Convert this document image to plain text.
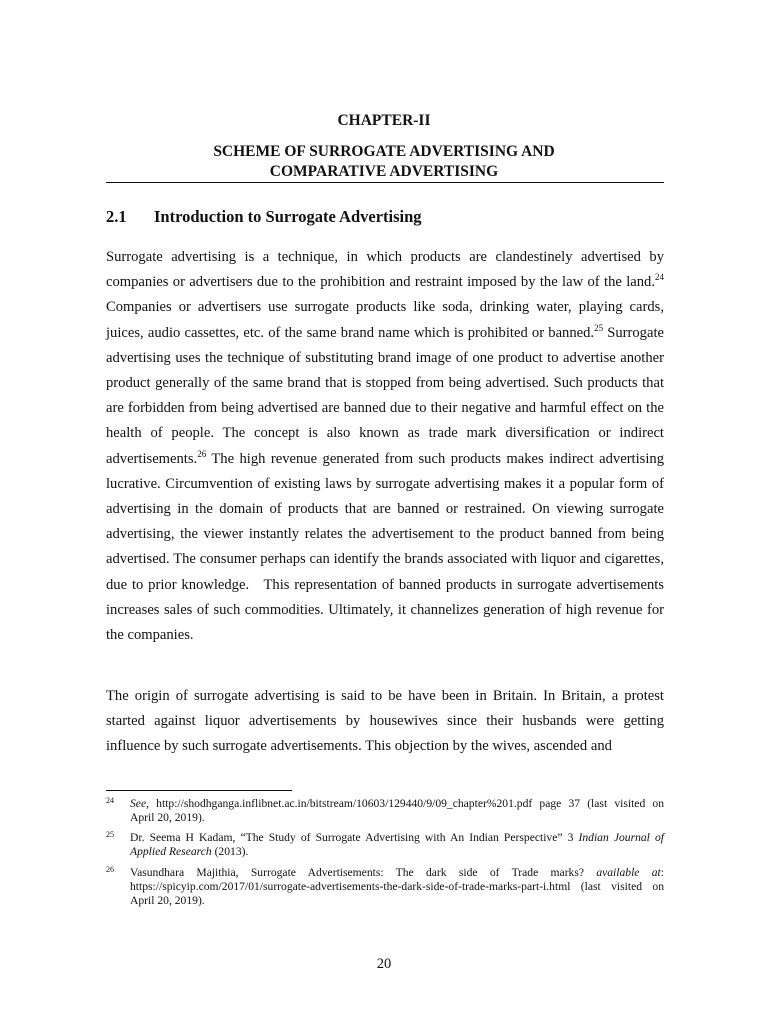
CHAPTER-II
SCHEME OF SURROGATE ADVERTISING AND
COMPARATIVE ADVERTISING
2.1 Introduction to Surrogate Advertising
Surrogate advertising is a technique, in which products are clandestinely advertised by companies or advertisers due to the prohibition and restraint imposed by the law of the land.$^{24}$ Companies or advertisers use surrogate products like soda, drinking water, playing cards, juices, audio cassettes, etc. of the same brand name which is prohibited or banned.$^{25}$ Surrogate advertising uses the technique of substituting brand image of one product to advertise another product generally of the same brand that is stopped from being advertised. Such products that are forbidden from being advertised are banned due to their negative and harmful effect on the health of people. The concept is also known as trade mark diversification or indirect advertisements.$^{26}$ The high revenue generated from such products makes indirect advertising lucrative. Circumvention of existing laws by surrogate advertising makes it a popular form of advertising in the domain of products that are banned or restrained. On viewing surrogate advertising, the viewer instantly relates the advertisement to the product banned from being advertised. The consumer perhaps can identify the brands associated with liquor and cigarettes, due to prior knowledge.   This representation of banned products in surrogate advertisements increases sales of such commodities. Ultimately, it channelizes generation of high revenue for the companies.
The origin of surrogate advertising is said to be have been in Britain. In Britain, a protest started against liquor advertisements by housewives since their husbands were getting influence by such surrogate advertisements. This objection by the wives, ascended and
24 See, http://shodhganga.inflibnet.ac.in/bitstream/10603/129440/9/09_chapter%201.pdf page 37 (last visited on April 20, 2019).
25 Dr. Seema H Kadam, “The Study of Surrogate Advertising with An Indian Perspective” 3 Indian Journal of Applied Research (2013).
26 Vasundhara Majithia, Surrogate Advertisements: The dark side of Trade marks? available at: https://spicyip.com/2017/01/surrogate-advertisements-the-dark-side-of-trade-marks-part-i.html (last visited on April 20, 2019).
20
